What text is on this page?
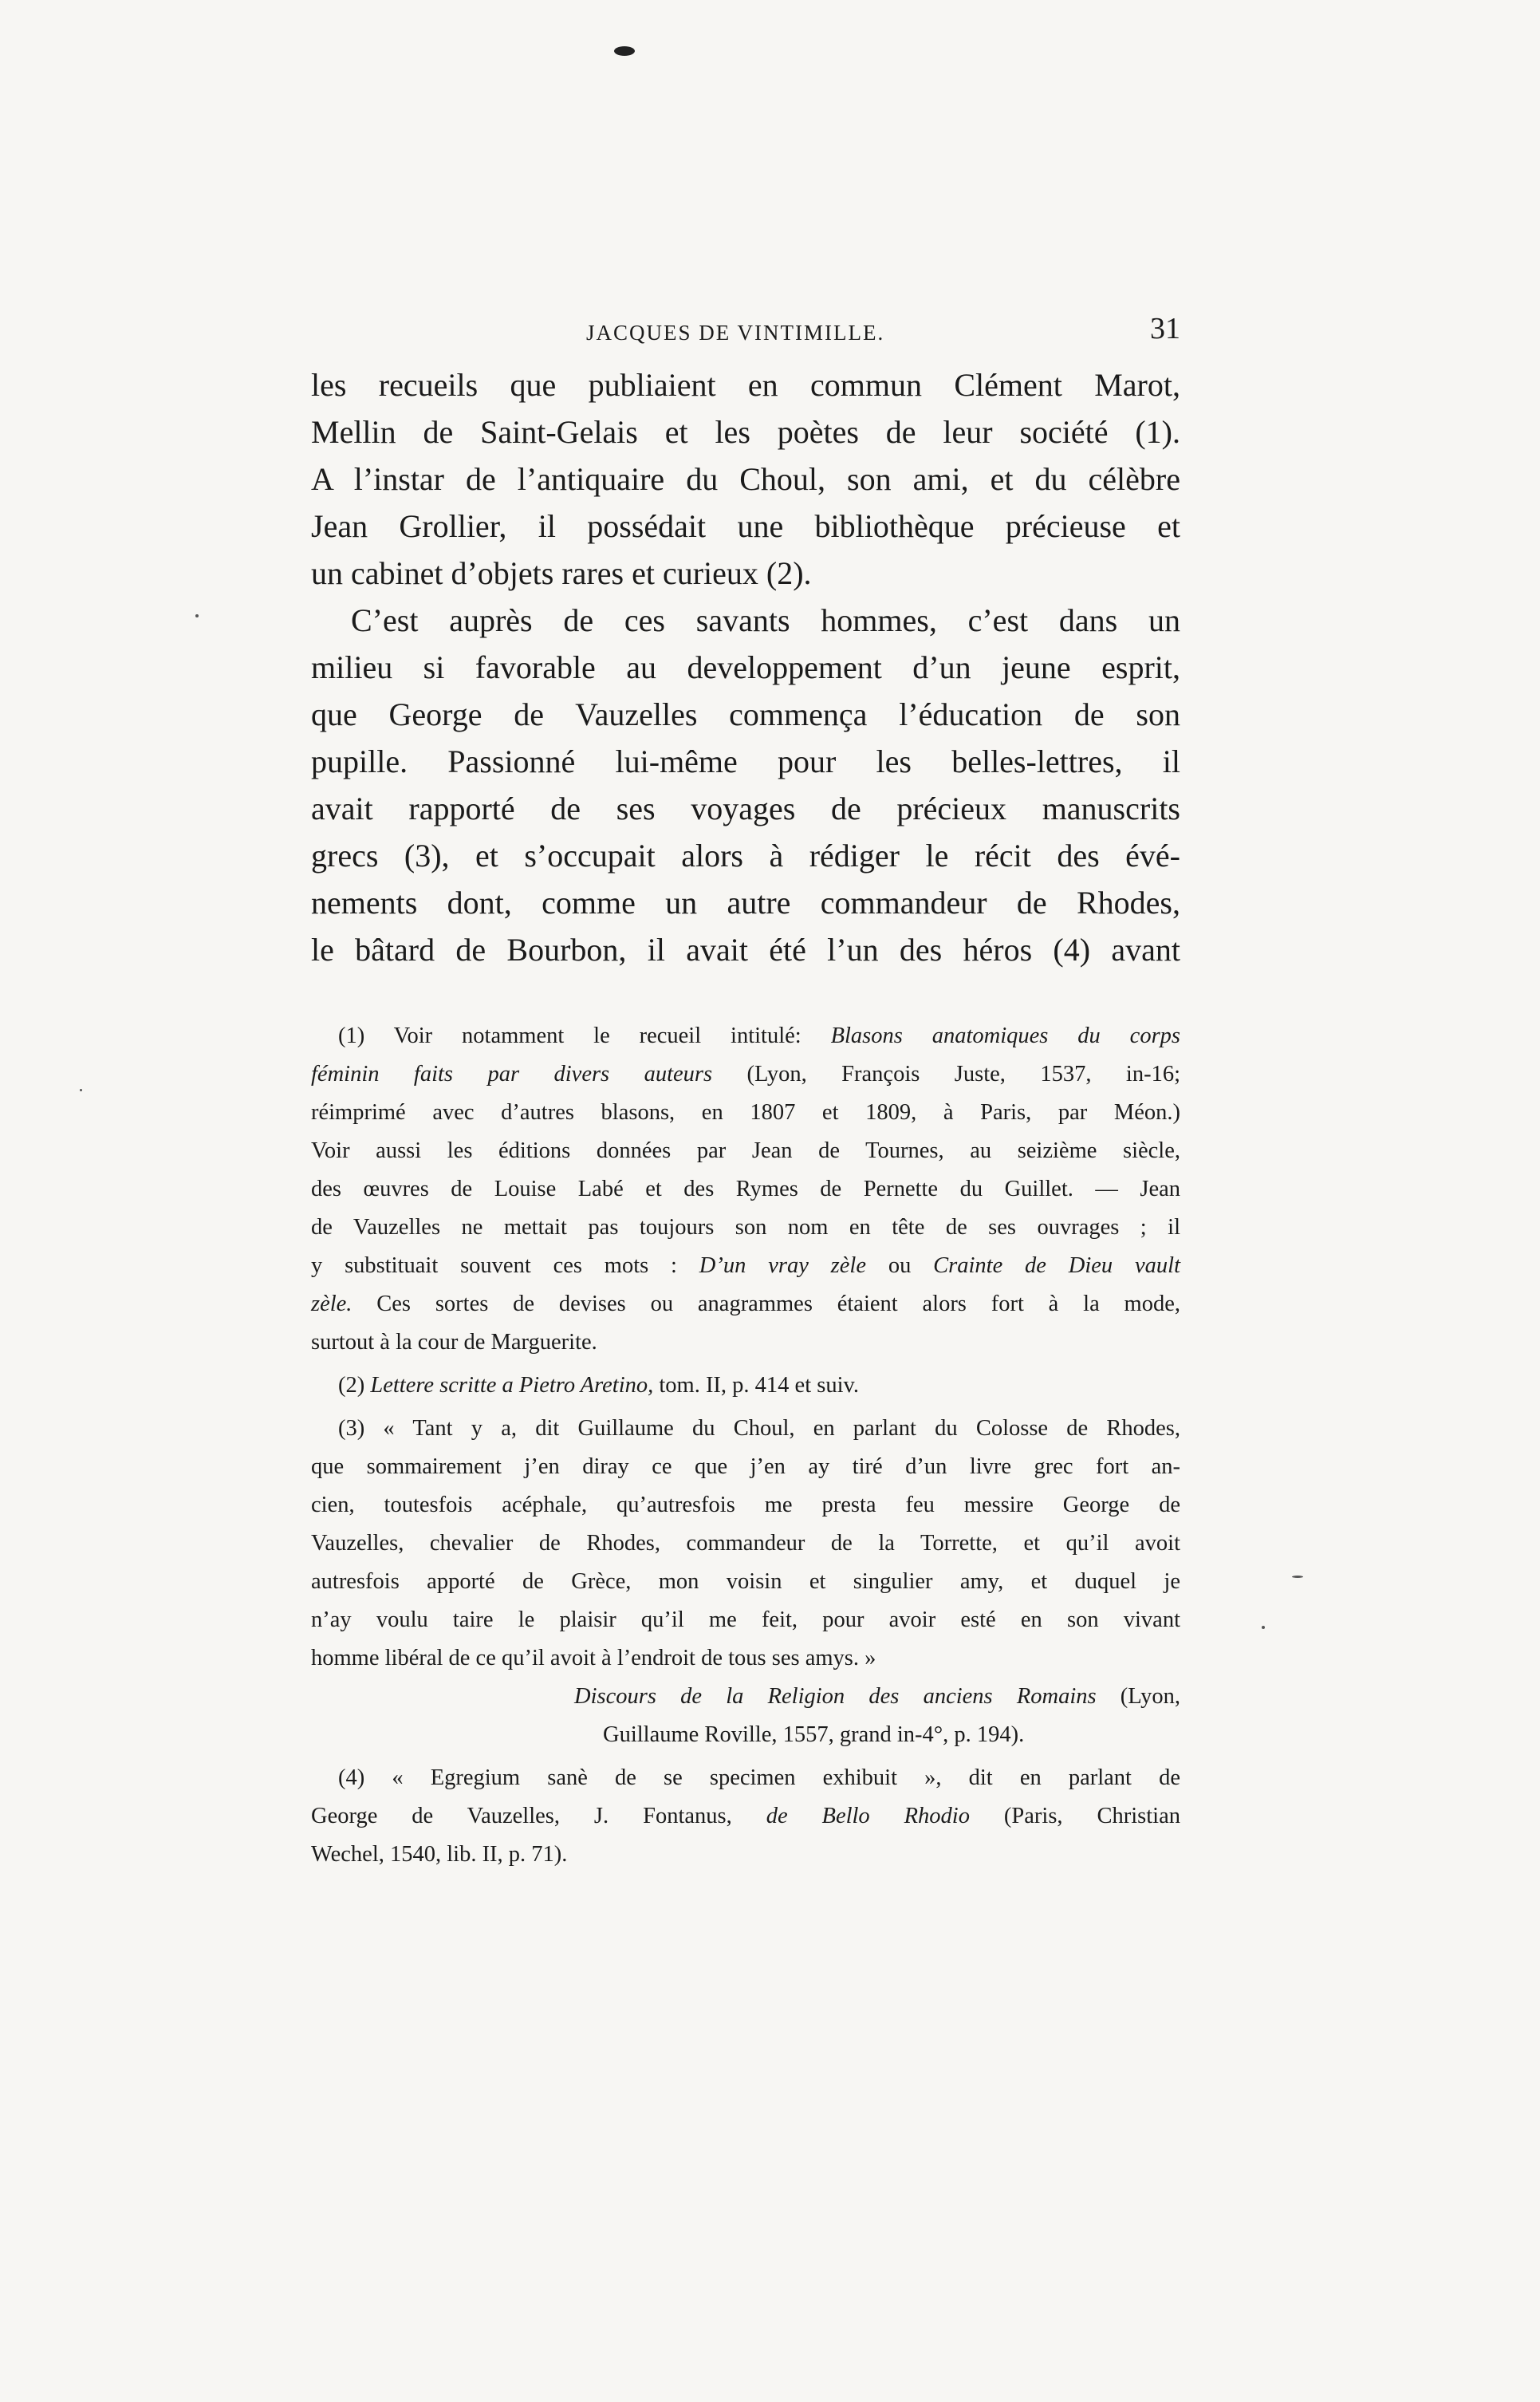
JACQUES DE VINTIMILLE.	31

les recueils que publiaient en commun Clément Marot,
Mellin de Saint-Gelais et les poètes de leur société (1).
A l’instar de l’antiquaire du Choul, son ami, et du célèbre
Jean Grollier, il possédait une bibliothèque précieuse et
un cabinet d’objets rares et curieux (2).

C’est auprès de ces savants hommes, c’est dans un
milieu si favorable au developpement d’un jeune esprit,
que George de Vauzelles commença l’éducation de son
pupille. Passionné lui-même pour les belles-lettres, il
avait rapporté de ses voyages de précieux manuscrits
grecs (3), et s’occupait alors à rédiger le récit des évé-
nements dont, comme un autre commandeur de Rhodes,
le bâtard de Bourbon, il avait été l’un des héros (4) avant

(1) Voir notamment le recueil intitulé: Blasons anatomiques du corps
féminin faits par divers auteurs (Lyon, François Juste, 1537, in-16;
réimprimé avec d’autres blasons, en 1807 et 1809, à Paris, par Méon.)
Voir aussi les éditions données par Jean de Tournes, au seizième siècle,
des œuvres de Louise Labé et des Rymes de Pernette du Guillet. — Jean
de Vauzelles ne mettait pas toujours son nom en tête de ses ouvrages ; il
y substituait souvent ces mots : D’un vray zèle ou Crainte de Dieu vault
zèle. Ces sortes de devises ou anagrammes étaient alors fort à la mode,
surtout à la cour de Marguerite.
(2) Lettere scritte a Pietro Aretino, tom. II, p. 414 et suiv.
(3) « Tant y a, dit Guillaume du Choul, en parlant du Colosse de Rhodes,
que sommairement j’en diray ce que j’en ay tiré d’un livre grec fort an-
cien, toutesfois acéphale, qu’autresfois me presta feu messire George de
Vauzelles, chevalier de Rhodes, commandeur de la Torrette, et qu’il avoit
autresfois apporté de Grèce, mon voisin et singulier amy, et duquel je
n’ay voulu taire le plaisir qu’il me feit, pour avoir esté en son vivant
homme libéral de ce qu’il avoit à l’endroit de tous ses amys. »
Discours de la Religion des anciens Romains (Lyon,
Guillaume Roville, 1557, grand in-4°, p. 194).
(4) « Egregium sanè de se specimen exhibuit », dit en parlant de
George de Vauzelles, J. Fontanus, de Bello Rhodio (Paris, Christian
Wechel, 1540, lib. II, p. 71).
